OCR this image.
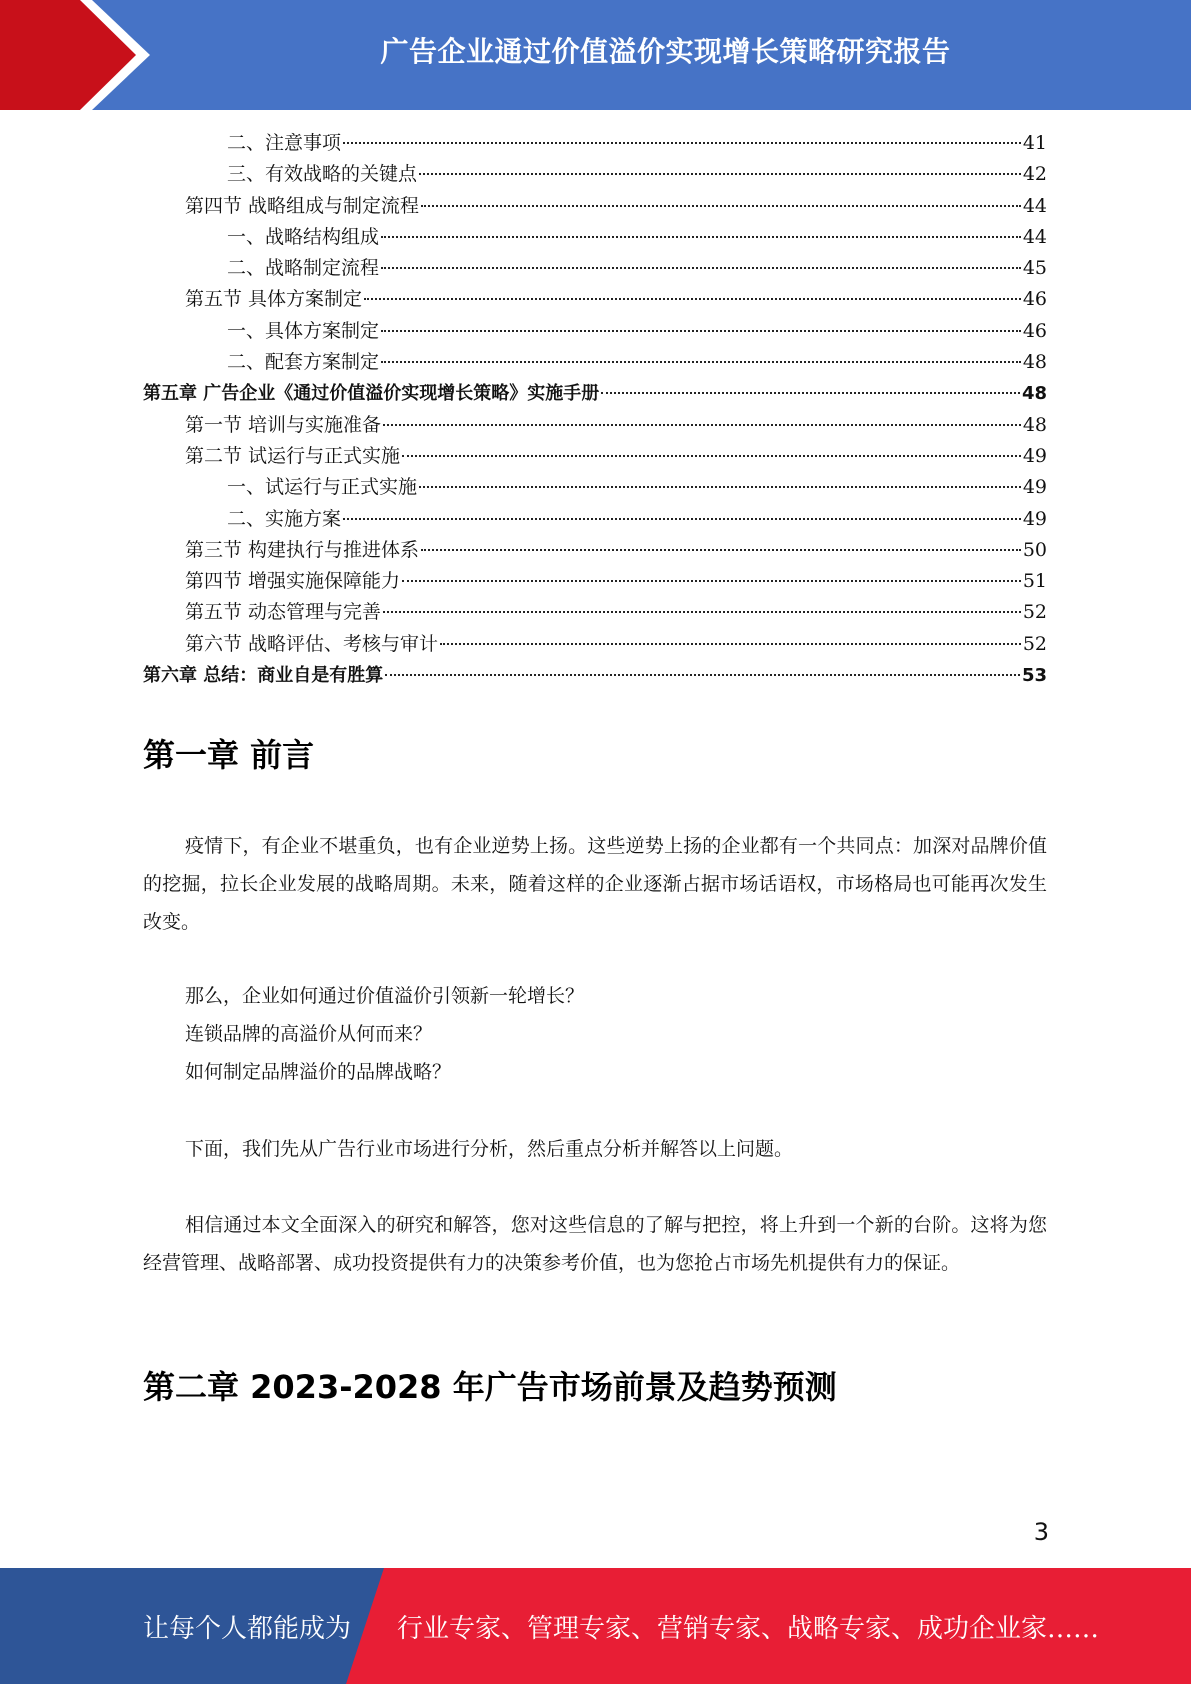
广告企业通过价值溢价实现增长策略研究报告
二、注意事项	41
三、有效战略的关键点	42
第四节 战略组成与制定流程	44
一、战略结构组成	44
二、战略制定流程	45
第五节 具体方案制定	46
一、具体方案制定	46
二、配套方案制定	48
第五章 广告企业《通过价值溢价实现增长策略》实施手册	48
第一节 培训与实施准备	48
第二节 试运行与正式实施	49
一、试运行与正式实施	49
二、实施方案	49
第三节 构建执行与推进体系	50
第四节 增强实施保障能力	51
第五节 动态管理与完善	52
第六节 战略评估、考核与审计	52
第六章 总结：商业自是有胜算	53
第一章 前言

疫情下，有企业不堪重负，也有企业逆势上扬。这些逆势上扬的企业都有一个共同点：加深对品牌价值的挖掘，拉长企业发展的战略周期。未来，随着这样的企业逐渐占据市场话语权，市场格局也可能再次发生改变。

那么，企业如何通过价值溢价引领新一轮增长？

连锁品牌的高溢价从何而来？

如何制定品牌溢价的品牌战略？

下面，我们先从广告行业市场进行分析，然后重点分析并解答以上问题。

相信通过本文全面深入的研究和解答，您对这些信息的了解与把控，将上升到一个新的台阶。这将为您经营管理、战略部署、成功投资提供有力的决策参考价值，也为您抢占市场先机提供有力的保证。

第二章 2023-2028 年广告市场前景及趋势预测
3
让每个人都能成为 行业专家、管理专家、营销专家、战略专家、成功企业家……
